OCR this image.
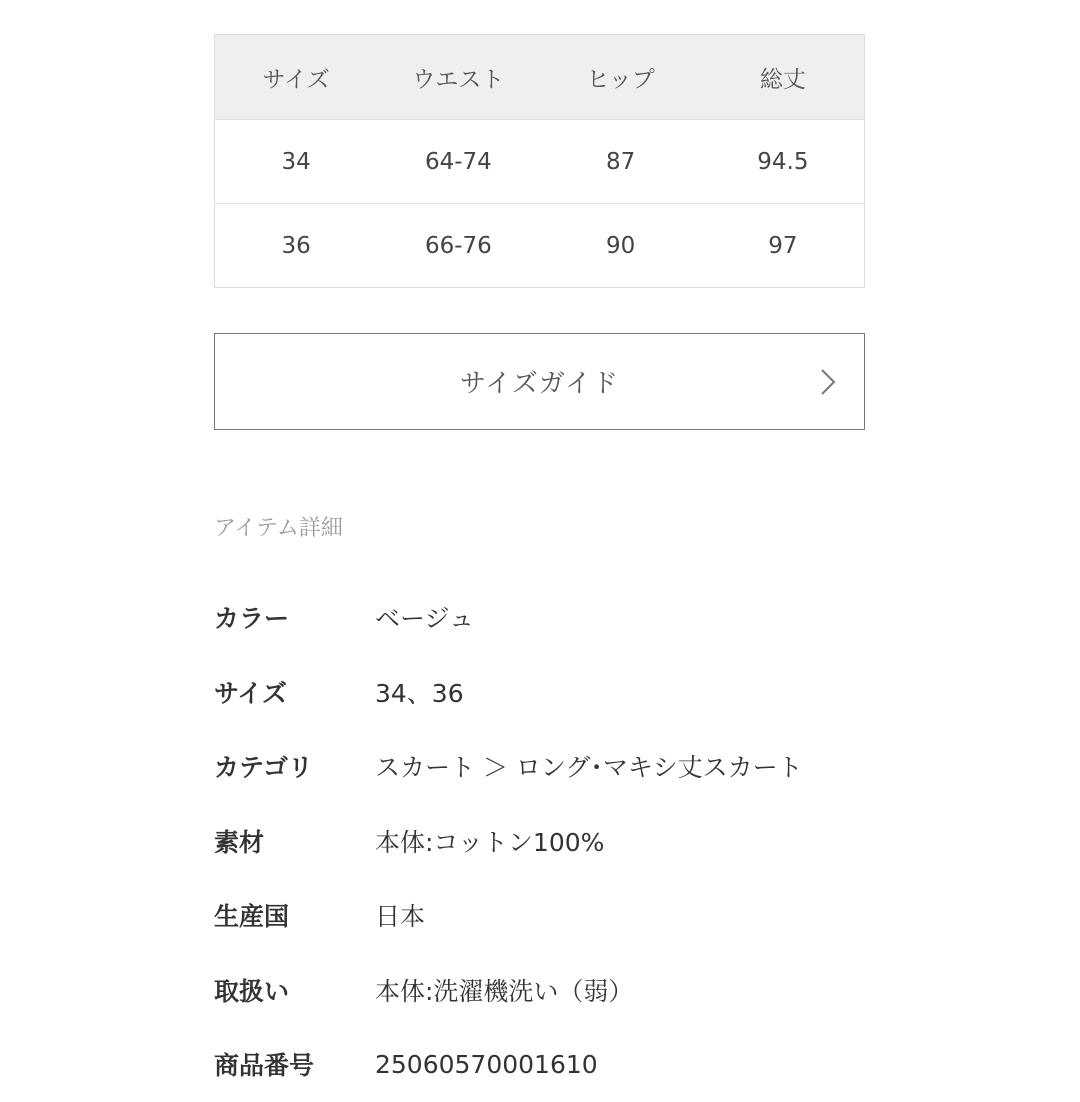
サイズ	ウエスト	ヒップ	総丈
34	64-74	87	94.5
36	66-76	90	97
サイズガイド
アイテム詳細
カラー	ベージュ
サイズ	34、36
カテゴリ	スカート ＞ ロング･マキシ丈スカート
素材	本体:コットン100%
生産国	日本
取扱い	本体:洗濯機洗い（弱）
商品番号	25060570001610
